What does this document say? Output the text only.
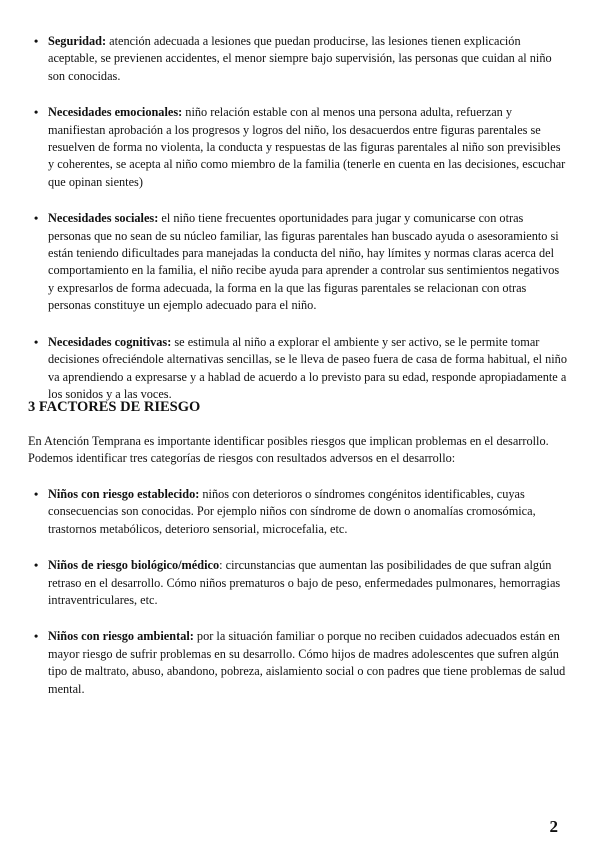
• Seguridad: atención adecuada a lesiones que puedan producirse, las lesiones tienen explicación aceptable, se previenen accidentes, el menor siempre bajo supervisión, las personas que cuidan al niño son conocidas.
• Necesidades emocionales: niño relación estable con al menos una persona adulta, refuerzan y manifiestan aprobación a los progresos y logros del niño, los desacuerdos entre figuras parentales se resuelven de forma no violenta, la conducta y respuestas de las figuras parentales al niño son previsibles y coherentes, se acepta al niño como miembro de la familia (tenerle en cuenta en las decisiones, escuchar que opinan sientes)
• Necesidades sociales: el niño tiene frecuentes oportunidades para jugar y comunicarse con otras personas que no sean de su núcleo familiar, las figuras parentales han buscado ayuda o asesoramiento si están teniendo dificultades para manejadas la conducta del niño, hay límites y normas claras acerca del comportamiento en la familia, el niño recibe ayuda para aprender a controlar sus sentimientos negativos y expresarlos de forma adecuada, la forma en la que las figuras parentales se relacionan con otras personas constituye un ejemplo adecuado para el niño.
• Necesidades cognitivas: se estimula al niño a explorar el ambiente y ser activo, se le permite tomar decisiones ofreciéndole alternativas sencillas, se le lleva de paseo fuera de casa de forma habitual, el niño va aprendiendo a expresarse y a hablad de acuerdo a lo previsto para su edad, responde apropiadamente a los sonidos y a las voces.
3 FACTORES DE RIESGO

En Atención Temprana es importante identificar posibles riesgos que implican problemas en el desarrollo. Podemos identificar tres categorías de riesgos con resultados adversos en el desarrollo:

• Niños con riesgo establecido: niños con deterioros o síndromes congénitos identificables, cuyas consecuencias son conocidas. Por ejemplo niños con síndrome de down o anomalías cromosómica, trastornos metabólicos, deterioro sensorial, microcefalia, etc.
• Niños de riesgo biológico/médico: circunstancias que aumentan las posibilidades de que sufran algún retraso en el desarrollo. Cómo niños prematuros o bajo de peso, enfermedades pulmonares, hemorragias intraventriculares, etc.
• Niños con riesgo ambiental: por la situación familiar o porque no reciben cuidados adecuados están en mayor riesgo de sufrir problemas en su desarrollo. Cómo hijos de madres adolescentes que sufren algún tipo de maltrato, abuso, abandono, pobreza, aislamiento social o con padres que tiene problemas de salud mental.
2
